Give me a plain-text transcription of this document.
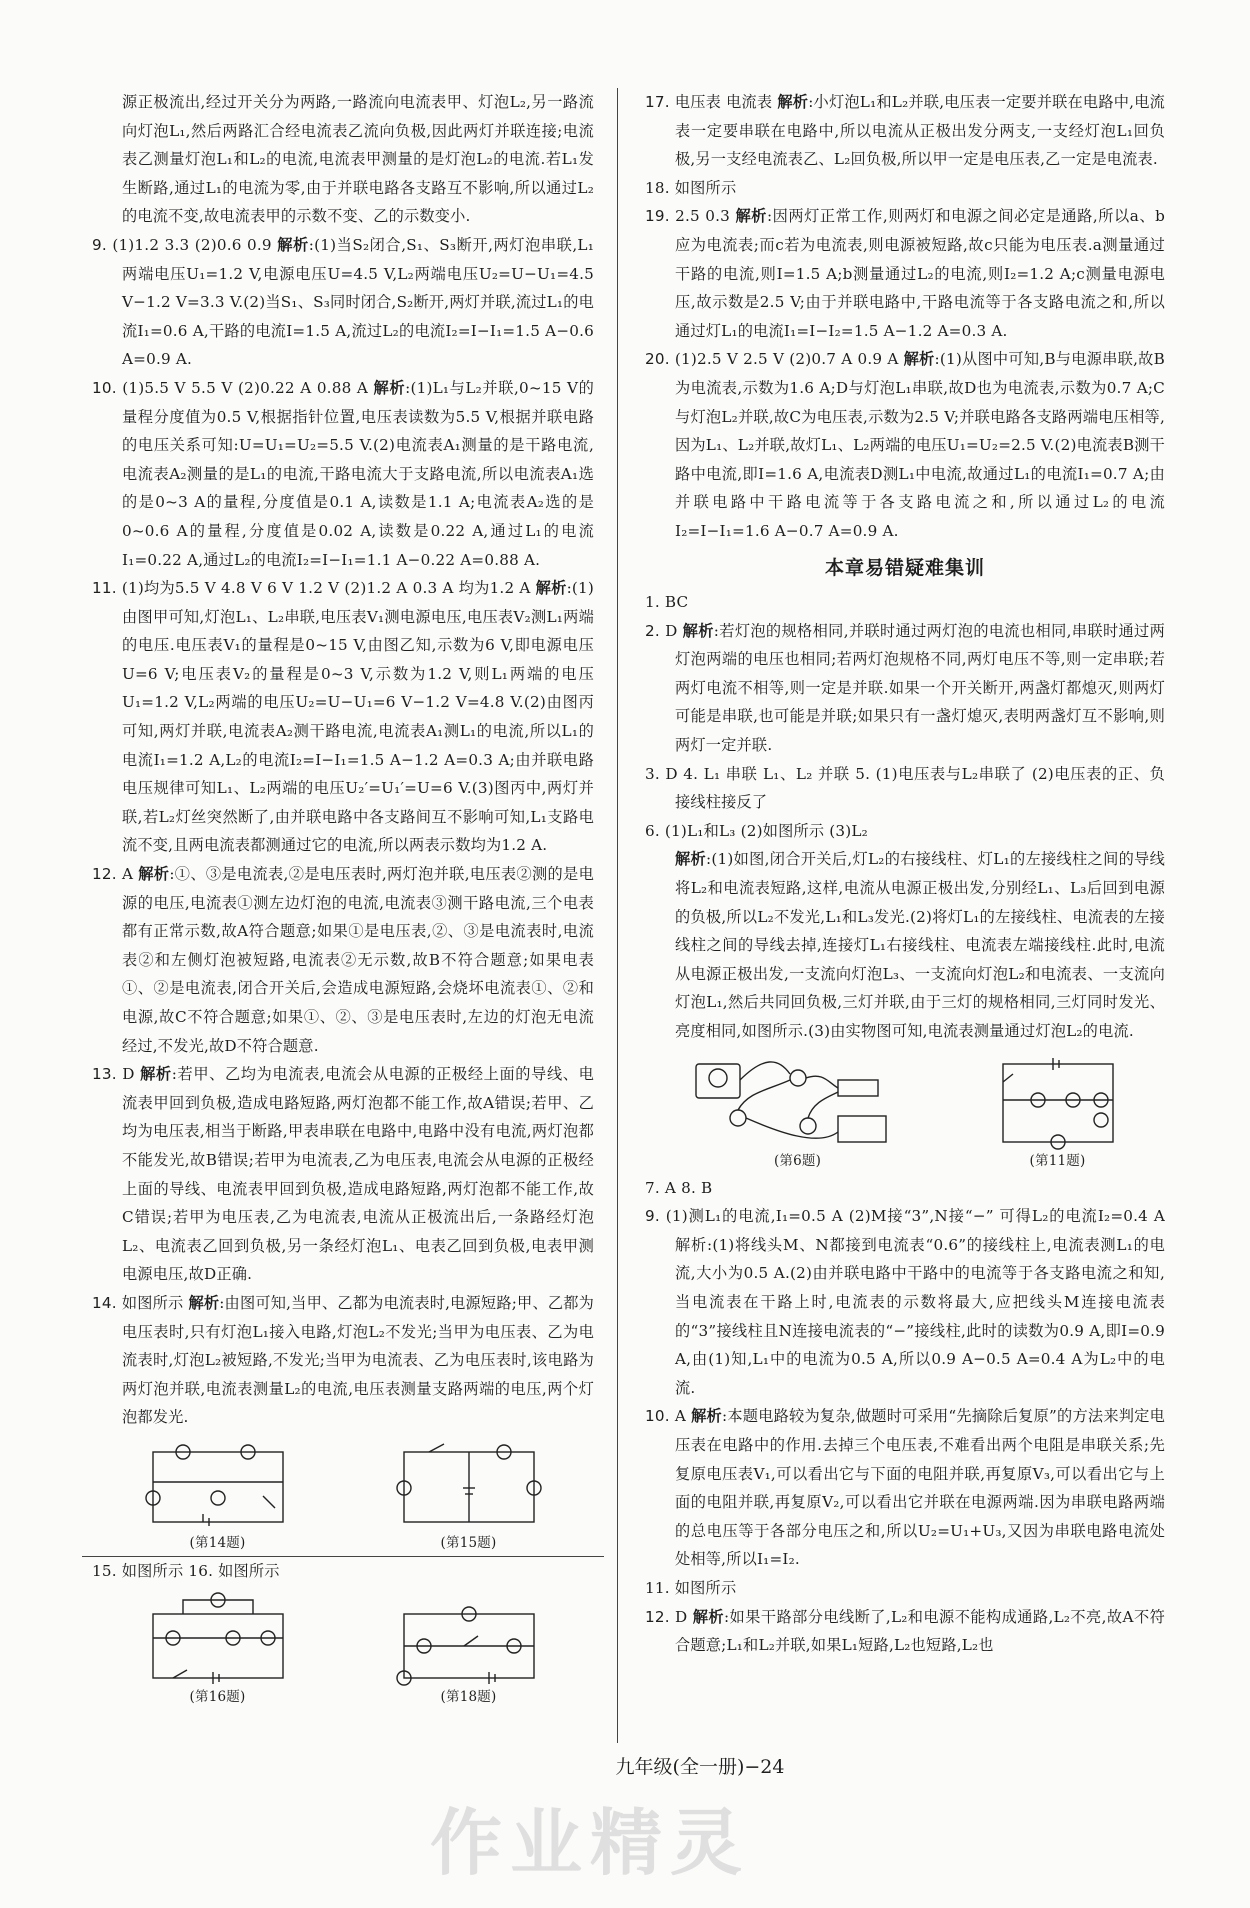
源正极流出,经过开关分为两路,一路流向电流表甲、灯泡L₂,另一路流向灯泡L₁,然后两路汇合经电流表乙流向负极,因此两灯并联连接;电流表乙测量灯泡L₁和L₂的电流,电流表甲测量的是灯泡L₂的电流.若L₁发生断路,通过L₁的电流为零,由于并联电路各支路互不影响,所以通过L₂的电流不变,故电流表甲的示数不变、乙的示数变小.

9. (1)1.2 3.3 (2)0.6 0.9 解析:(1)当S₂闭合,S₁、S₃断开,两灯泡串联,L₁两端电压U₁=1.2 V,电源电压U=4.5 V,L₂两端电压U₂=U−U₁=4.5 V−1.2 V=3.3 V.(2)当S₁、S₃同时闭合,S₂断开,两灯并联,流过L₁的电流I₁=0.6 A,干路的电流I=1.5 A,流过L₂的电流I₂=I−I₁=1.5 A−0.6 A=0.9 A.

10. (1)5.5 V 5.5 V (2)0.22 A 0.88 A 解析:(1)L₁与L₂并联,0~15 V的量程分度值为0.5 V,根据指针位置,电压表读数为5.5 V,根据并联电路的电压关系可知:U=U₁=U₂=5.5 V.(2)电流表A₁测量的是干路电流,电流表A₂测量的是L₁的电流,干路电流大于支路电流,所以电流表A₁选的是0~3 A的量程,分度值是0.1 A,读数是1.1 A;电流表A₂选的是0~0.6 A的量程,分度值是0.02 A,读数是0.22 A,通过L₁的电流I₁=0.22 A,通过L₂的电流I₂=I−I₁=1.1 A−0.22 A=0.88 A.

11. (1)均为5.5 V 4.8 V 6 V 1.2 V (2)1.2 A 0.3 A 均为1.2 A 解析:(1)由图甲可知,灯泡L₁、L₂串联,电压表V₁测电源电压,电压表V₂测L₁两端的电压.电压表V₁的量程是0~15 V,由图乙知,示数为6 V,即电源电压U=6 V;电压表V₂的量程是0~3 V,示数为1.2 V,则L₁两端的电压U₁=1.2 V,L₂两端的电压U₂=U−U₁=6 V−1.2 V=4.8 V.(2)由图丙可知,两灯并联,电流表A₂测干路电流,电流表A₁测L₁的电流,所以L₁的电流I₁=1.2 A,L₂的电流I₂=I−I₁=1.5 A−1.2 A=0.3 A;由并联电路电压规律可知L₁、L₂两端的电压U₂′=U₁′=U=6 V.(3)图丙中,两灯并联,若L₂灯丝突然断了,由并联电路中各支路间互不影响可知,L₁支路电流不变,且两电流表都测通过它的电流,所以两表示数均为1.2 A.

12. A 解析:①、③是电流表,②是电压表时,两灯泡并联,电压表②测的是电源的电压,电流表①测左边灯泡的电流,电流表③测干路电流,三个电表都有正常示数,故A符合题意;如果①是电压表,②、③是电流表时,电流表②和左侧灯泡被短路,电流表②无示数,故B不符合题意;如果电表①、②是电流表,闭合开关后,会造成电源短路,会烧坏电流表①、②和电源,故C不符合题意;如果①、②、③是电压表时,左边的灯泡无电流经过,不发光,故D不符合题意.

13. D 解析:若甲、乙均为电流表,电流会从电源的正极经上面的导线、电流表甲回到负极,造成电路短路,两灯泡都不能工作,故A错误;若甲、乙均为电压表,相当于断路,甲表串联在电路中,电路中没有电流,两灯泡都不能发光,故B错误;若甲为电流表,乙为电压表,电流会从电源的正极经上面的导线、电流表甲回到负极,造成电路短路,两灯泡都不能工作,故C错误;若甲为电压表,乙为电流表,电流从正极流出后,一条路经灯泡L₂、电流表乙回到负极,另一条经灯泡L₁、电表乙回到负极,电表甲测电源电压,故D正确.

14. 如图所示 解析:由图可知,当甲、乙都为电流表时,电源短路;甲、乙都为电压表时,只有灯泡L₁接入电路,灯泡L₂不发光;当甲为电压表、乙为电流表时,灯泡L₂被短路,不发光;当甲为电流表、乙为电压表时,该电路为两灯泡并联,电流表测量L₂的电流,电压表测量支路两端的电压,两个灯泡都发光.

(第14题)	(第15题)

15. 如图所示 16. 如图所示

(第16题)	(第18题)

17. 电压表 电流表 解析:小灯泡L₁和L₂并联,电压表一定要并联在电路中,电流表一定要串联在电路中,所以电流从正极出发分两支,一支经灯泡L₁回负极,另一支经电流表乙、L₂回负极,所以甲一定是电压表,乙一定是电流表.

18. 如图所示

19. 2.5 0.3 解析:因两灯正常工作,则两灯和电源之间必定是通路,所以a、b应为电流表;而c若为电流表,则电源被短路,故c只能为电压表.a测量通过干路的电流,则I=1.5 A;b测量通过L₂的电流,则I₂=1.2 A;c测量电源电压,故示数是2.5 V;由于并联电路中,干路电流等于各支路电流之和,所以通过灯L₁的电流I₁=I−I₂=1.5 A−1.2 A=0.3 A.

20. (1)2.5 V 2.5 V (2)0.7 A 0.9 A 解析:(1)从图中可知,B与电源串联,故B为电流表,示数为1.6 A;D与灯泡L₁串联,故D也为电流表,示数为0.7 A;C与灯泡L₂并联,故C为电压表,示数为2.5 V;并联电路各支路两端电压相等,因为L₁、L₂并联,故灯L₁、L₂两端的电压U₁=U₂=2.5 V.(2)电流表B测干路中电流,即I=1.6 A,电流表D测L₁中电流,故通过L₁的电流I₁=0.7 A;由并联电路中干路电流等于各支路电流之和,所以通过L₂的电流I₂=I−I₁=1.6 A−0.7 A=0.9 A.

本章易错疑难集训

1. BC

2. D 解析:若灯泡的规格相同,并联时通过两灯泡的电流也相同,串联时通过两灯泡两端的电压也相同;若两灯泡规格不同,两灯电压不等,则一定串联;若两灯电流不相等,则一定是并联.如果一个开关断开,两盏灯都熄灭,则两灯可能是串联,也可能是并联;如果只有一盏灯熄灭,表明两盏灯互不影响,则两灯一定并联.

3. D 4. L₁ 串联 L₁、L₂ 并联 5. (1)电压表与L₂串联了 (2)电压表的正、负接线柱接反了

6. (1)L₁和L₃ (2)如图所示 (3)L₂

解析:(1)如图,闭合开关后,灯L₂的右接线柱、灯L₁的左接线柱之间的导线将L₂和电流表短路,这样,电流从电源正极出发,分别经L₁、L₃后回到电源的负极,所以L₂不发光,L₁和L₃发光.(2)将灯L₁的左接线柱、电流表的左接线柱之间的导线去掉,连接灯L₁右接线柱、电流表左端接线柱.此时,电流从电源正极出发,一支流向灯泡L₃、一支流向灯泡L₂和电流表、一支流向灯泡L₁,然后共同回负极,三灯并联,由于三灯的规格相同,三灯同时发光、亮度相同,如图所示.(3)由实物图可知,电流表测量通过灯泡L₂的电流.

(第6题)	(第11题)

7. A 8. B

9. (1)测L₁的电流,I₁=0.5 A (2)M接“3”,N接“−” 可得L₂的电流I₂=0.4 A 解析:(1)将线头M、N都接到电流表“0.6”的接线柱上,电流表测L₁的电流,大小为0.5 A.(2)由并联电路中干路中的电流等于各支路电流之和知,当电流表在干路上时,电流表的示数将最大,应把线头M连接电流表的“3”接线柱且N连接电流表的“−”接线柱,此时的读数为0.9 A,即I=0.9 A,由(1)知,L₁中的电流为0.5 A,所以0.9 A−0.5 A=0.4 A为L₂中的电流.

10. A 解析:本题电路较为复杂,做题时可采用“先摘除后复原”的方法来判定电压表在电路中的作用.去掉三个电压表,不难看出两个电阻是串联关系;先复原电压表V₁,可以看出它与下面的电阻并联,再复原V₃,可以看出它与上面的电阻并联,再复原V₂,可以看出它并联在电源两端.因为串联电路两端的总电压等于各部分电压之和,所以U₂=U₁+U₃,又因为串联电路电流处处相等,所以I₁=I₂.

11. 如图所示

12. D 解析:如果干路部分电线断了,L₂和电源不能构成通路,L₂不亮,故A不符合题意;L₁和L₂并联,如果L₁短路,L₂也短路,L₂也

九年级(全一册)−24
作业精灵
